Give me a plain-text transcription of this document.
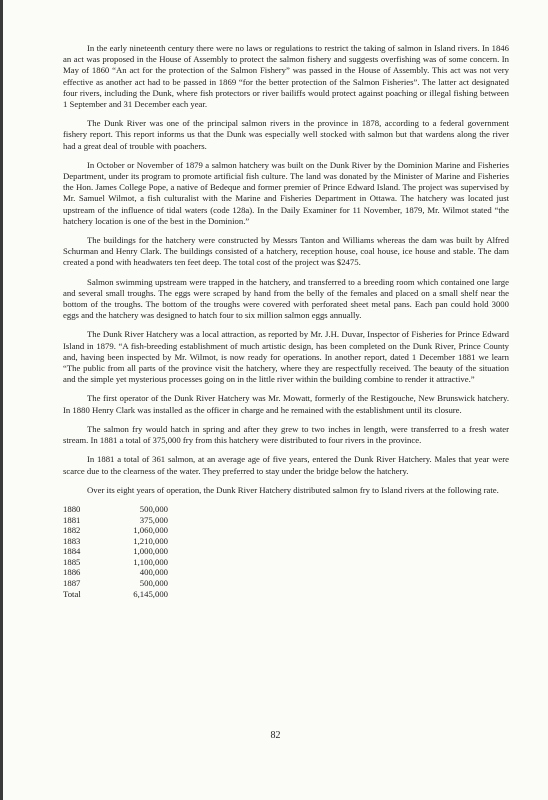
In the early nineteenth century there were no laws or regulations to restrict the taking of salmon in Island rivers. In 1846 an act was proposed in the House of Assembly to protect the salmon fishery and suggests overfishing was of some concern. In May of 1860 “An act for the protection of the Salmon Fishery” was passed in the House of Assembly. This act was not very effective as another act had to be passed in 1869 “for the better protection of the Salmon Fisheries”. The latter act designated four rivers, including the Dunk, where fish protectors or river bailiffs would protect against poaching or illegal fishing between 1 September and 31 December each year.

The Dunk River was one of the principal salmon rivers in the province in 1878, according to a federal government fishery report. This report informs us that the Dunk was especially well stocked with salmon but that wardens along the river had a great deal of trouble with poachers.

In October or November of 1879 a salmon hatchery was built on the Dunk River by the Dominion Marine and Fisheries Department, under its program to promote artificial fish culture. The land was donated by the Minister of Marine and Fisheries the Hon. James College Pope, a native of Bedeque and former premier of Prince Edward Island. The project was supervised by Mr. Samuel Wilmot, a fish culturalist with the Marine and Fisheries Department in Ottawa. The hatchery was located just upstream of the influence of tidal waters (code 128a). In the Daily Examiner for 11 November, 1879, Mr. Wilmot stated “the hatchery location is one of the best in the Dominion.”

The buildings for the hatchery were constructed by Messrs Tanton and Williams whereas the dam was built by Alfred Schurman and Henry Clark. The buildings consisted of a hatchery, reception house, coal house, ice house and stable. The dam created a pond with headwaters ten feet deep. The total cost of the project was $2475.

Salmon swimming upstream were trapped in the hatchery, and transferred to a breeding room which contained one large and several small troughs. The eggs were scraped by hand from the belly of the females and placed on a small shelf near the bottom of the troughs. The bottom of the troughs were covered with perforated sheet metal pans. Each pan could hold 3000 eggs and the hatchery was designed to hatch four to six million salmon eggs annually.

The Dunk River Hatchery was a local attraction, as reported by Mr. J.H. Duvar, Inspector of Fisheries for Prince Edward Island in 1879. “A fish-breeding establishment of much artistic design, has been completed on the Dunk River, Prince County and, having been inspected by Mr. Wilmot, is now ready for operations. In another report, dated 1 December 1881 we learn “The public from all parts of the province visit the hatchery, where they are respectfully received. The beauty of the situation and the simple yet mysterious processes going on in the little river within the building combine to render it attractive.”

The first operator of the Dunk River Hatchery was Mr. Mowatt, formerly of the Restigouche, New Brunswick hatchery. In 1880 Henry Clark was installed as the officer in charge and he remained with the establishment until its closure.

The salmon fry would hatch in spring and after they grew to two inches in length, were transferred to a fresh water stream. In 1881 a total of 375,000 fry from this hatchery were distributed to four rivers in the province.

In 1881 a total of 361 salmon, at an average age of five years, entered the Dunk River Hatchery. Males that year were scarce due to the clearness of the water. They preferred to stay under the bridge below the hatchery.

Over its eight years of operation, the Dunk River Hatchery distributed salmon fry to Island rivers at the following rate.

1880	500,000
1881	375,000
1882	1,060,000
1883	1,210,000
1884	1,000,000
1885	1,100,000
1886	400,000
1887	500,000
Total	6,145,000
82
